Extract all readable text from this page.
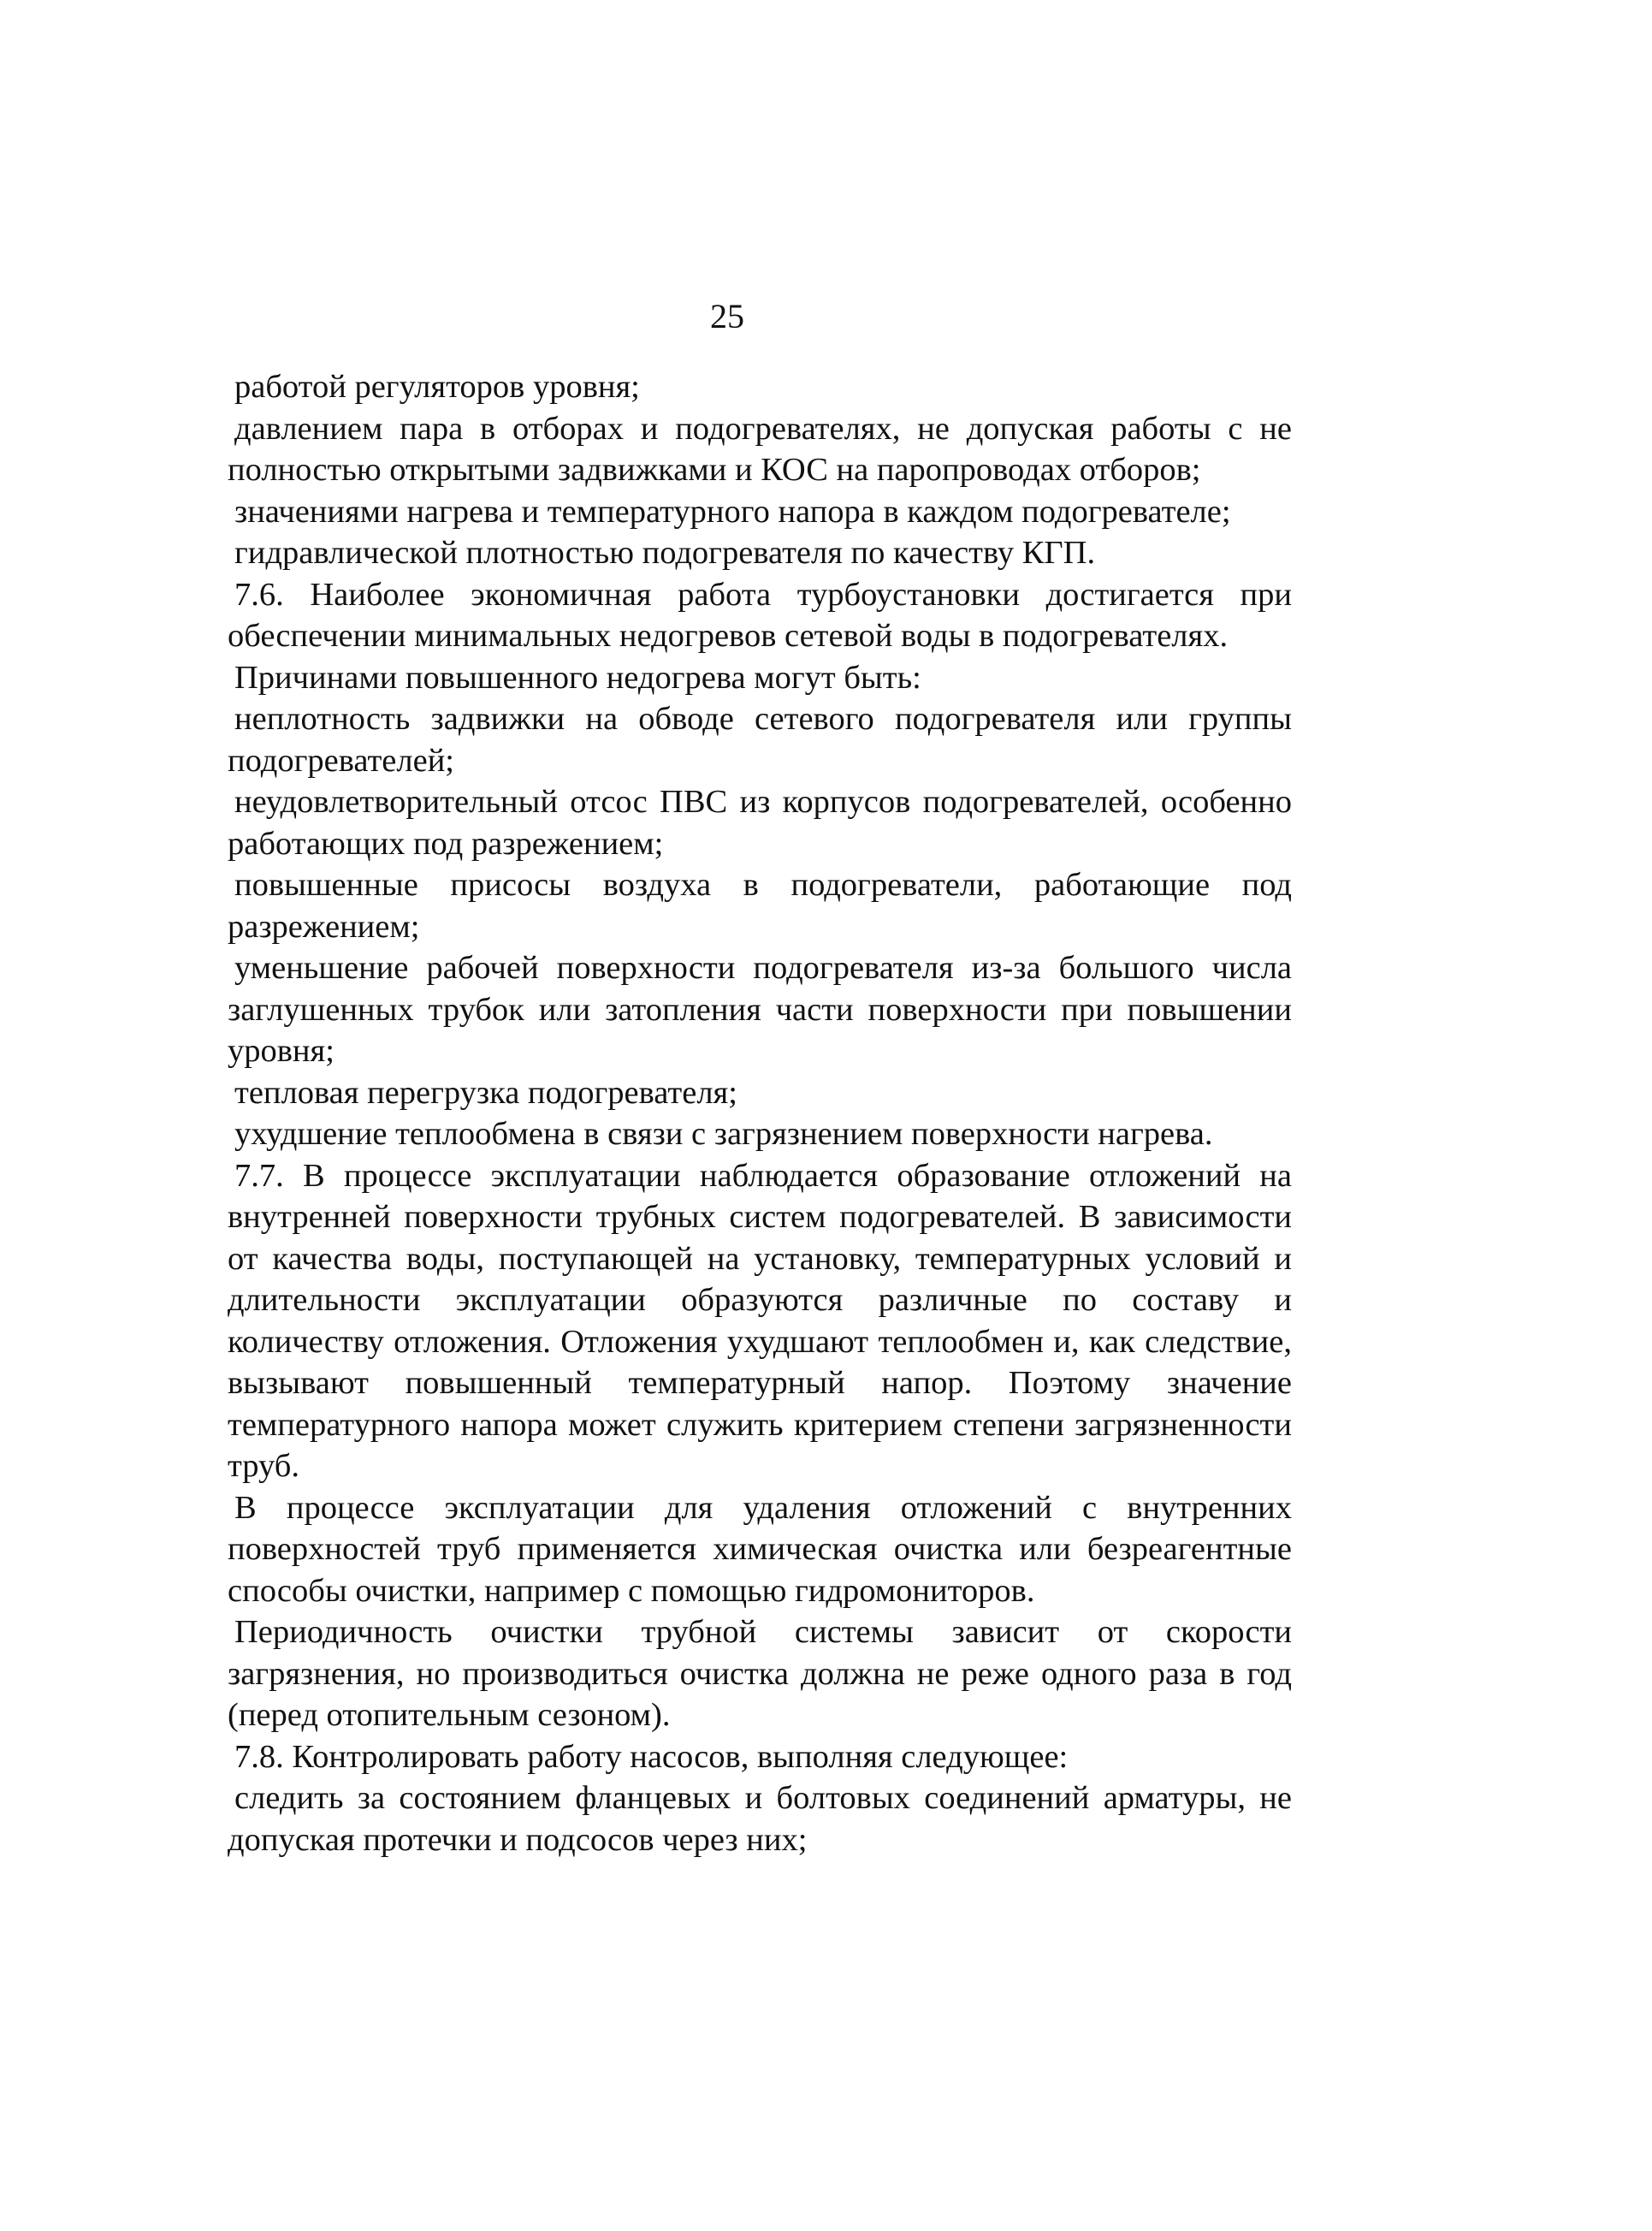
25

работой регуляторов уровня;

давлением пара в отборах и подогревателях, не допуская работы с не полностью открытыми задвижками и КОС на паропроводах отборов;

значениями нагрева и температурного напора в каждом подогревателе;

гидравлической плотностью подогревателя по качеству КГП.

7.6. Наиболее экономичная работа турбоустановки достигается при обеспечении минимальных недогревов сетевой воды в подогревателях.

Причинами повышенного недогрева могут быть:

неплотность задвижки на обводе сетевого подогревателя или группы подогревателей;

неудовлетворительный отсос ПВС из корпусов подогревателей, особенно работающих под разрежением;

повышенные присосы воздуха в подогреватели, работающие под разрежением;

уменьшение рабочей поверхности подогревателя из-за большого числа заглушенных трубок или затопления части поверхности при повышении уровня;

тепловая перегрузка подогревателя;

ухудшение теплообмена в связи с загрязнением поверхности нагрева.

7.7. В процессе эксплуатации наблюдается образование отложений на внутренней поверхности трубных систем подогревателей. В зависимости от качества воды, поступающей на установку, температурных условий и длительности эксплуатации образуются различные по составу и количеству отложения. Отложения ухудшают теплообмен и, как следствие, вызывают повышенный температурный напор. Поэтому значение температурного напора может служить критерием степени загрязненности труб.

В процессе эксплуатации для удаления отложений с внутренних поверхностей труб применяется химическая очистка или безреагентные способы очистки, например с помощью гидромониторов.

Периодичность очистки трубной системы зависит от скорости загрязнения, но производиться очистка должна не реже одного раза в год (перед отопительным сезоном).

7.8. Контролировать работу насосов, выполняя следующее:

следить за состоянием фланцевых и болтовых соединений арматуры, не допуская протечки и подсосов через них;
